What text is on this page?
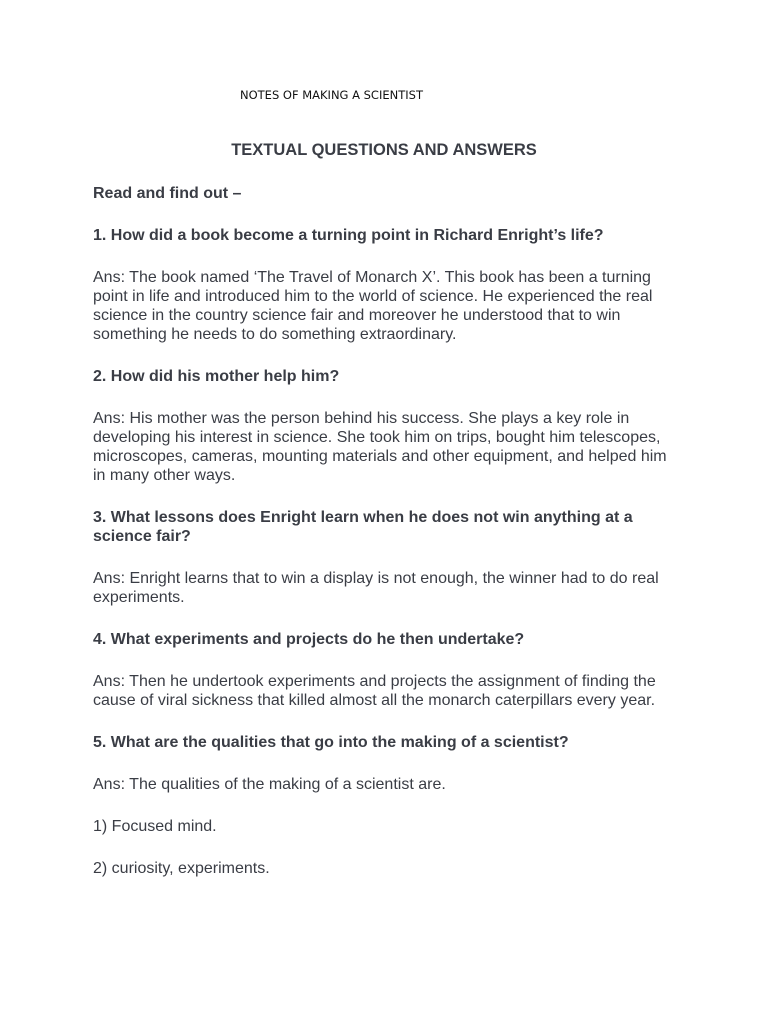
NOTES OF MAKING A SCIENTIST
TEXTUAL QUESTIONS AND ANSWERS

Read and find out –

1. How did a book become a turning point in Richard Enright’s life?

Ans: The book named ‘The Travel of Monarch X’. This book has been a turning point in life and introduced him to the world of science. He experienced the real science in the country science fair and moreover he understood that to win something he needs to do something extraordinary.

2. How did his mother help him?

Ans: His mother was the person behind his success. She plays a key role in developing his interest in science. She took him on trips, bought him telescopes, microscopes, cameras, mounting materials and other equipment, and helped him in many other ways.

3. What lessons does Enright learn when he does not win anything at a science fair?

Ans: Enright learns that to win a display is not enough, the winner had to do real experiments.

4. What experiments and projects do he then undertake?

Ans: Then he undertook experiments and projects the assignment of finding the cause of viral sickness that killed almost all the monarch caterpillars every year.

5. What are the qualities that go into the making of a scientist?

Ans: The qualities of the making of a scientist are.

1) Focused mind.

2) curiosity, experiments.
